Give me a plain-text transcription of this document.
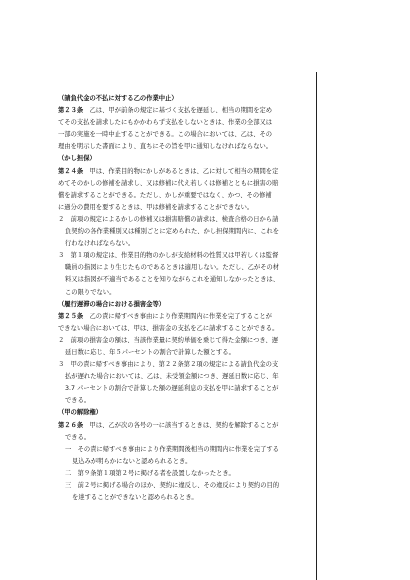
（請負代金の不払に対する乙の作業中止）
第２３条　 乙は、甲が前条の規定に基づく支払を遅延し、相当の期間を定め
てその支払を請求したにもかかわらず支払をしないときは、作業の全部又は
一部の実施を一時中止することができる。この場合においては、乙は、その
理由を明示した書面により、直ちにその旨を甲に通知しなければならない。
（かし担保）
第２４条　 甲は、作業目的物にかしがあるときは、乙に対して相当の期間を定
めてそのかしの修補を請求し、又は修補に代え若しくは修補とともに損害の賠
償を請求することができる。ただし、かしが重要ではなく、かつ、その修補
に過分の費用を要するときは、甲は修補を請求することができない。
２　 前項の規定によるかしの修補又は損害賠償の請求は、検査合格の日から請
負契約の各作業種別又は種別ごとに定められた、かし担保期間内に、これを
行わなければならない。
３　 第１項の規定は、作業目的物のかしが支給材料の性質又は甲若しくは監督
職員の指図により生じたものであるときは適用しない。ただし、乙がその材
料又は指図が不適当であることを知りながらこれを通知しなかったときは、
この限りでない。
（履行遅滞の場合における損害金等）
第２５条　 乙の責に帰すべき事由により作業期間内に作業を完了することが
できない場合においては、甲は、損害金の支払を乙に請求することができる。
２　 前項の損害金の額は、当該作業量に契約単価を乗じて得た金額につき、遅
延日数に応じ、年５パーセントの割合で計算した額とする。
３　 甲の責に帰すべき事由により、第２２条第２項の規定による請負代金の支
払が遅れた場合においては、乙は、未受領金額につき、遅延日数に応じ、年
3.7 パーセントの割合で計算した額の遅延利息の支払を甲に請求することが
できる。
（甲の解除権）
第２６条　 甲は、乙が次の各号の一に該当するときは、契約を解除することが
できる。
一　 その責に帰すべき事由により作業期間後相当の期間内に作業を完了する
見込みが明らかにないと認められるとき。
二　 第９条第１項第２号に掲げる者を設置しなかったとき。
三　 前２号に掲げる場合のほか、契約に違反し、その違反により契約の目的
を達することができないと認められるとき。
